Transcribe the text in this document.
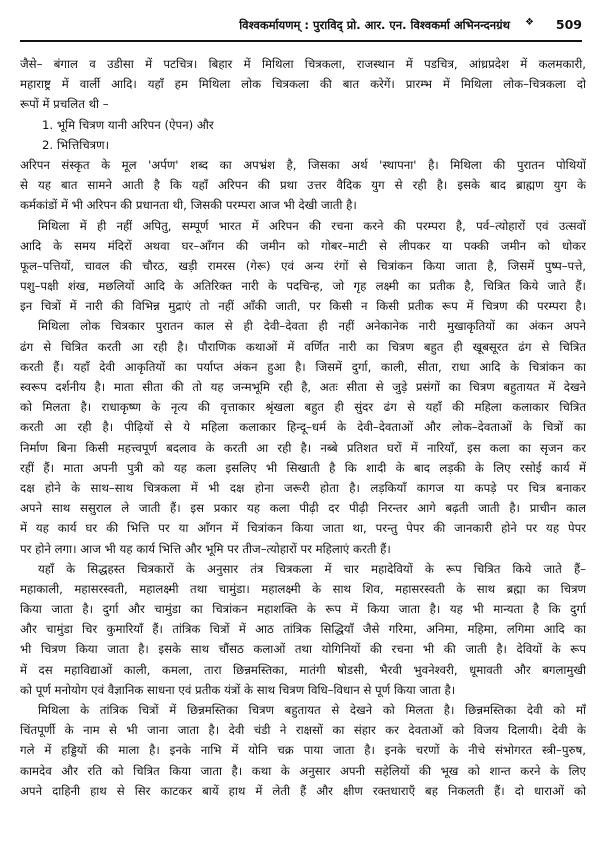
विश्वकर्मायणम् : पुराविद् प्रो. आर. एन. विश्वकर्मा अभिनन्दनग्रंथ ❖ 509
जैसे– बंगाल व उडीसा में पटचित्र। बिहार में मिथिला चित्रकला, राजस्थान में पडचित्र, आंध्रप्रदेश में कलमकारी,
महाराष्ट्र में वार्ली आदि। यहाँ हम मिथिला लोक चित्रकला की बात करेगें। प्रारम्भ में मिथिला लोक–चित्रकला दो
रूपों में प्रचलित थी –
1. भूमि चित्रण यानी अरिपन (ऐपन) और
2. भित्तिचित्रण।
अरिपन संस्कृत के मूल 'अर्पण' शब्द का अपभ्रंश है, जिसका अर्थ 'स्थापना' है। मिथिला की पुरातन पोथियों
से यह बात सामने आती है कि यहाँ अरिपन की प्रथा उत्तर वैदिक युग से रही है। इसके बाद ब्राह्मण युग के
कर्मकांडों में भी अरिपन की प्रधानता थी, जिसकी परम्परा आज भी देखी जाती है।
मिथिला में ही नहीं अपितु, सम्पूर्ण भारत में अरिपन की रचना करने की परम्परा है, पर्व–त्योहारों एवं उत्सवों
आदि के समय मंदिरों अथवा घर–आँगन की जमीन को गोबर–माटी से लीपकर या पक्की जमीन को धोकर
फूल–पत्तियों, चावल की चौरठ, खड़ी रामरस (गेरू) एवं अन्य रंगों से चित्रांकन किया जाता है, जिसमें पुष्प–पत्ते,
पशु–पक्षी शंख, मछलियों आदि के अतिरिक्त नारी के पदचिन्ह, जो गृह लक्ष्मी का प्रतीक है, चित्रित किये जाते हैं।
इन चित्रों में नारी की विभिन्न मुद्राएं तो नहीं आँकी जाती, पर किसी न किसी प्रतीक रूप में चित्रण की परम्परा है।
मिथिला लोक चित्रकार पुरातन काल से ही देवी–देवता ही नहीं अनेकानेक नारी मुखाकृतियों का अंकन अपने
ढंग से चित्रित करती आ रही है। पौराणिक कथाओं में वर्णित नारी का चित्रण बहुत ही खूबसूरत ढंग से चित्रित
करती हैं। यहाँ देवी आकृतियों का पर्याप्त अंकन हुआ है। जिसमें दुर्गा, काली, सीता, राधा आदि के चित्रांकन का
स्वरूप दर्शनीय है। माता सीता की तो यह जन्मभूमि रही है, अतः सीता से जुड़े प्रसंगों का चित्रण बहुतायत में देखने
को मिलता है। राधाकृष्ण के नृत्य की वृत्ताकार श्रृंखला बहुत ही सुंदर ढंग से यहाँ की महिला कलाकार चित्रित
करती आ रही है। पीढ़ियों से ये महिला कलाकार हिन्दू–धर्म के देवी–देवताओं और लोक–देवताओं के चित्रों का
निर्माण बिना किसी महत्त्वपूर्ण बदलाव के करती आ रही है। नब्बे प्रतिशत घरों में नारियाँ, इस कला का सृजन कर
रहीं हैं। माता अपनी पुत्री को यह कला इसलिए भी सिखाती है कि शादी के बाद लड़की के लिए रसोई कार्य में
दक्ष होने के साथ–साथ चित्रकला में भी दक्ष होना जरूरी होता है। लड़कियाँ कागज या कपड़े पर चित्र बनाकर
अपने साथ ससुराल ले जाती हैं। इस प्रकार यह कला पीढ़ी दर पीढ़ी निरन्तर आगे बढ़ती जाती है। प्राचीन काल
में यह कार्य घर की भित्ति पर या आँगन में चित्रांकन किया जाता था, परन्तु पेपर की जानकारी होने पर यह पेपर
पर होने लगा। आज भी यह कार्य भित्ति और भूमि पर तीज–त्योहारों पर महिलाएं करती हैं।
यहाँ के सिद्धहस्त चित्रकारों के अनुसार तंत्र चित्रकला में चार महादेवियों के रूप चित्रित किये जाते हैं–
महाकाली, महासरस्वती, महालक्ष्मी तथा चामुंडा। महालक्ष्मी के साथ शिव, महासरस्वती के साथ ब्रह्मा का चित्रण
किया जाता है। दुर्गा और चामुंडा का चित्रांकन महाशक्ति के रूप में किया जाता है। यह भी मान्यता है कि दुर्गा
और चामुंडा चिर कुमारियाँ हैं। तांत्रिक चित्रों में आठ तांत्रिक सिद्धियाँ जैसे गरिमा, अनिमा, महिमा, लगिमा आदि का
भी चित्रण किया जाता है। इसके साथ चौंसठ कलाओं तथा योगिनियों की रचना भी की जाती है। देवियों के रूप
में दस महाविद्याओं काली, कमला, तारा छिन्नमस्तिका, मातंगी षोडसी, भैरवी भुवनेश्वरी, धूमावती और बगलामुखी
को पूर्ण मनोयोग एवं वैज्ञानिक साधना एवं प्रतीक यंत्रों के साथ चित्रण विधि–विधान से पूर्ण किया जाता है।
मिथिला के तांत्रिक चित्रों में छिन्नमस्तिका चित्रण बहुतायत से देखने को मिलता है। छिन्नमस्तिका देवी को माँ
चिंतपूर्णी के नाम से भी जाना जाता है। देवी चंडी ने राक्षसों का संहार कर देवताओं को विजय दिलायी। देवी के
गले में हड्डियों की माला है। इनके नाभि में योनि चक्र पाया जाता है। इनके चरणों के नीचे संभोगरत स्त्री–पुरुष,
कामदेव और रति को चित्रित किया जाता है। कथा के अनुसार अपनी सहेलियों की भूख को शान्त करने के लिए
अपने दाहिनी हाथ से सिर काटकर बायें हाथ में लेती हैं और क्षीण रक्तधाराएँ बह निकलती हैं। दो धाराओं को
